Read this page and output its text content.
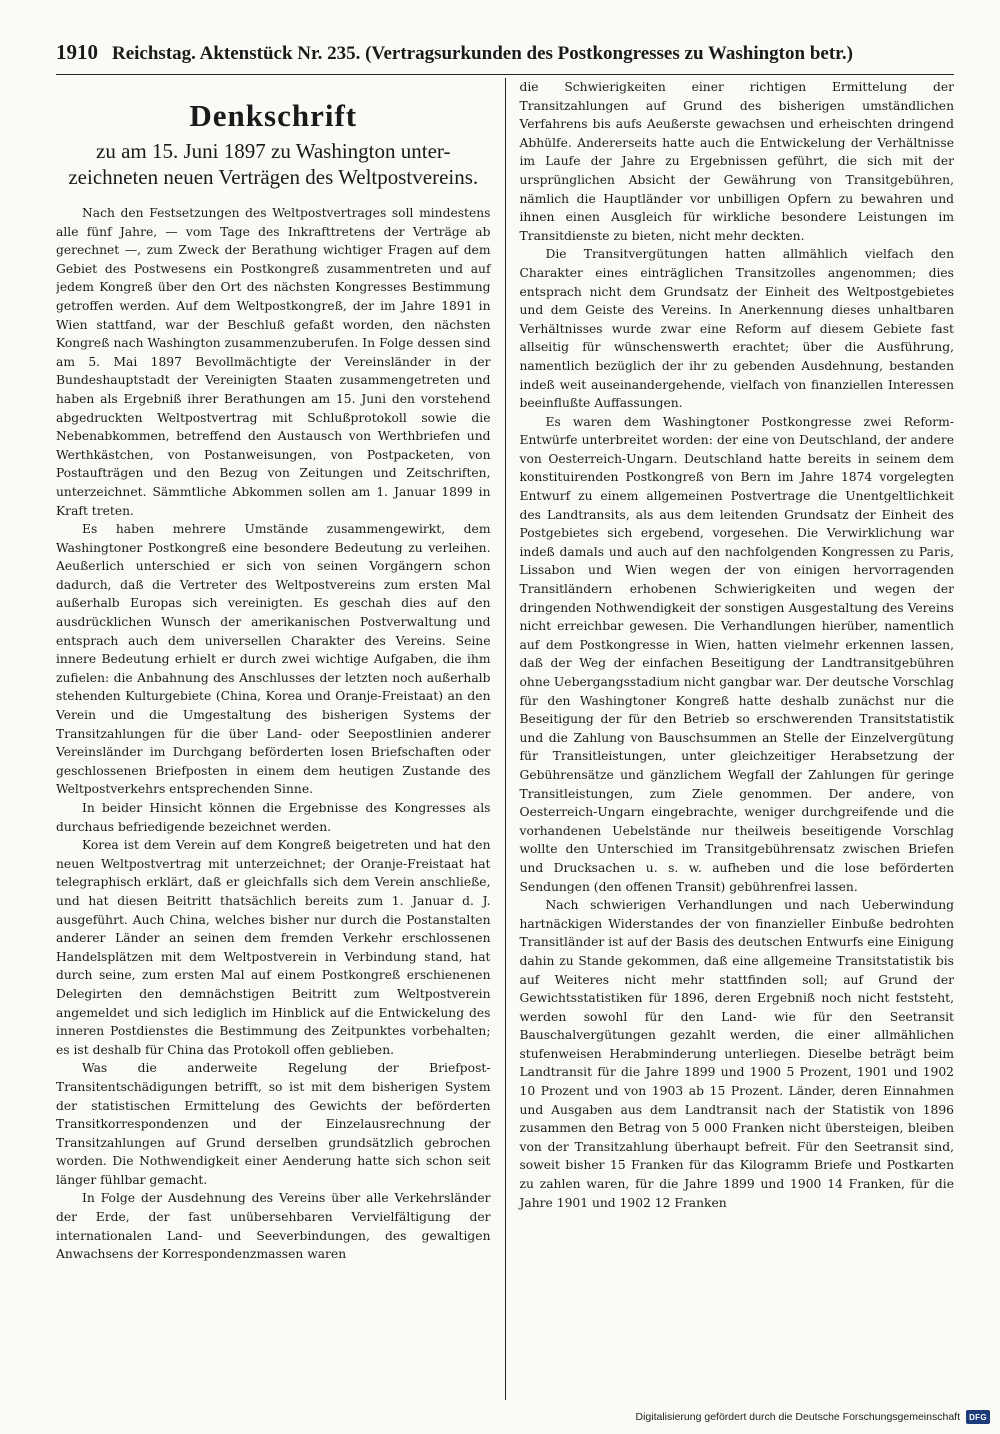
1910 Reichstag. Aktenstück Nr. 235. (Vertragsurkunden des Postkongresses zu Washington betr.)
Denkschrift
zu am 15. Juni 1897 zu Washington unter-
zeichneten neuen Verträgen des Weltpostvereins.

Nach den Festsetzungen des Weltpostvertrages soll mindestens alle fünf Jahre, — vom Tage des Inkrafttretens der Verträge ab gerechnet —, zum Zweck der Berathung wichtiger Fragen auf dem Gebiet des Postwesens ein Postkongreß zusammentreten und auf jedem Kongreß über den Ort des nächsten Kongresses Bestimmung getroffen werden. Auf dem Weltpostkongreß, der im Jahre 1891 in Wien stattfand, war der Beschluß gefaßt worden, den nächsten Kongreß nach Washington zusammenzuberufen. In Folge dessen sind am 5. Mai 1897 Bevollmächtigte der Vereinsländer in der Bundeshauptstadt der Vereinigten Staaten zusammengetreten und haben als Ergebniß ihrer Berathungen am 15. Juni den vorstehend abgedruckten Weltpostvertrag mit Schlußprotokoll sowie die Nebenabkommen, betreffend den Austausch von Werthbriefen und Werthkästchen, von Postanweisungen, von Postpacketen, von Postaufträgen und den Bezug von Zeitungen und Zeitschriften, unterzeichnet. Sämmtliche Abkommen sollen am 1. Januar 1899 in Kraft treten.

Es haben mehrere Umstände zusammengewirkt, dem Washingtoner Postkongreß eine besondere Bedeutung zu verleihen. Aeußerlich unterschied er sich von seinen Vorgängern schon dadurch, daß die Vertreter des Weltpostvereins zum ersten Mal außerhalb Europas sich vereinigten. Es geschah dies auf den ausdrücklichen Wunsch der amerikanischen Postverwaltung und entsprach auch dem universellen Charakter des Vereins. Seine innere Bedeutung erhielt er durch zwei wichtige Aufgaben, die ihm zufielen: die Anbahnung des Anschlusses der letzten noch außerhalb stehenden Kulturgebiete (China, Korea und Oranje-Freistaat) an den Verein und die Umgestaltung des bisherigen Systems der Transitzahlungen für die über Land- oder Seepostlinien anderer Vereinsländer im Durchgang beförderten losen Briefschaften oder geschlossenen Briefposten in einem dem heutigen Zustande des Weltpostverkehrs entsprechenden Sinne.

In beider Hinsicht können die Ergebnisse des Kongresses als durchaus befriedigende bezeichnet werden.

Korea ist dem Verein auf dem Kongreß beigetreten und hat den neuen Weltpostvertrag mit unterzeichnet; der Oranje-Freistaat hat telegraphisch erklärt, daß er gleichfalls sich dem Verein anschließe, und hat diesen Beitritt thatsächlich bereits zum 1. Januar d. J. ausgeführt. Auch China, welches bisher nur durch die Postanstalten anderer Länder an seinen dem fremden Verkehr erschlossenen Handelsplätzen mit dem Weltpostverein in Verbindung stand, hat durch seine, zum ersten Mal auf einem Postkongreß erschienenen Delegirten den demnächstigen Beitritt zum Weltpostverein angemeldet und sich lediglich im Hinblick auf die Entwickelung des inneren Postdienstes die Bestimmung des Zeitpunktes vorbehalten; es ist deshalb für China das Protokoll offen geblieben.

Was die anderweite Regelung der Briefpost-Transitentschädigungen betrifft, so ist mit dem bisherigen System der statistischen Ermittelung des Gewichts der beförderten Transitkorrespondenzen und der Einzelausrechnung der Transitzahlungen auf Grund derselben grundsätzlich gebrochen worden. Die Nothwendigkeit einer Aenderung hatte sich schon seit länger fühlbar gemacht.

In Folge der Ausdehnung des Vereins über alle Verkehrsländer der Erde, der fast unübersehbaren Vervielfältigung der internationalen Land- und Seeverbindungen, des gewaltigen Anwachsens der Korrespondenzmassen waren

die Schwierigkeiten einer richtigen Ermittelung der Transitzahlungen auf Grund des bisherigen umständlichen Verfahrens bis aufs Aeußerste gewachsen und erheischten dringend Abhülfe. Andererseits hatte auch die Entwickelung der Verhältnisse im Laufe der Jahre zu Ergebnissen geführt, die sich mit der ursprünglichen Absicht der Gewährung von Transitgebühren, nämlich die Hauptländer vor unbilligen Opfern zu bewahren und ihnen einen Ausgleich für wirkliche besondere Leistungen im Transitdienste zu bieten, nicht mehr deckten.

Die Transitvergütungen hatten allmählich vielfach den Charakter eines einträglichen Transitzolles angenommen; dies entsprach nicht dem Grundsatz der Einheit des Weltpostgebietes und dem Geiste des Vereins. In Anerkennung dieses unhaltbaren Verhältnisses wurde zwar eine Reform auf diesem Gebiete fast allseitig für wünschenswerth erachtet; über die Ausführung, namentlich bezüglich der ihr zu gebenden Ausdehnung, bestanden indeß weit auseinandergehende, vielfach von finanziellen Interessen beeinflußte Auffassungen.

Es waren dem Washingtoner Postkongresse zwei Reform-Entwürfe unterbreitet worden: der eine von Deutschland, der andere von Oesterreich-Ungarn. Deutschland hatte bereits in seinem dem konstituirenden Postkongreß von Bern im Jahre 1874 vorgelegten Entwurf zu einem allgemeinen Postvertrage die Unentgeltlichkeit des Landtransits, als aus dem leitenden Grundsatz der Einheit des Postgebietes sich ergebend, vorgesehen. Die Verwirklichung war indeß damals und auch auf den nachfolgenden Kongressen zu Paris, Lissabon und Wien wegen der von einigen hervorragenden Transitländern erhobenen Schwierigkeiten und wegen der dringenden Nothwendigkeit der sonstigen Ausgestaltung des Vereins nicht erreichbar gewesen. Die Verhandlungen hierüber, namentlich auf dem Postkongresse in Wien, hatten vielmehr erkennen lassen, daß der Weg der einfachen Beseitigung der Landtransitgebühren ohne Uebergangsstadium nicht gangbar war. Der deutsche Vorschlag für den Washingtoner Kongreß hatte deshalb zunächst nur die Beseitigung der für den Betrieb so erschwerenden Transitstatistik und die Zahlung von Bauschsummen an Stelle der Einzelvergütung für Transitleistungen, unter gleichzeitiger Herabsetzung der Gebührensätze und gänzlichem Wegfall der Zahlungen für geringe Transitleistungen, zum Ziele genommen. Der andere, von Oesterreich-Ungarn eingebrachte, weniger durchgreifende und die vorhandenen Uebelstände nur theilweis beseitigende Vorschlag wollte den Unterschied im Transitgebührensatz zwischen Briefen und Drucksachen u. s. w. aufheben und die lose beförderten Sendungen (den offenen Transit) gebührenfrei lassen.

Nach schwierigen Verhandlungen und nach Ueberwindung hartnäckigen Widerstandes der von finanzieller Einbuße bedrohten Transitländer ist auf der Basis des deutschen Entwurfs eine Einigung dahin zu Stande gekommen, daß eine allgemeine Transitstatistik bis auf Weiteres nicht mehr stattfinden soll; auf Grund der Gewichtsstatistiken für 1896, deren Ergebniß noch nicht feststeht, werden sowohl für den Land- wie für den Seetransit Bauschalvergütungen gezahlt werden, die einer allmählichen stufenweisen Herabminderung unterliegen. Dieselbe beträgt beim Landtransit für die Jahre 1899 und 1900 5 Prozent, 1901 und 1902 10 Prozent und von 1903 ab 15 Prozent. Länder, deren Einnahmen und Ausgaben aus dem Landtransit nach der Statistik von 1896 zusammen den Betrag von 5 000 Franken nicht übersteigen, bleiben von der Transitzahlung überhaupt befreit. Für den Seetransit sind, soweit bisher 15 Franken für das Kilogramm Briefe und Postkarten zu zahlen waren, für die Jahre 1899 und 1900 14 Franken, für die Jahre 1901 und 1902 12 Franken

Digitalisierung gefördert durch die Deutsche Forschungsgemeinschaft	DFG
